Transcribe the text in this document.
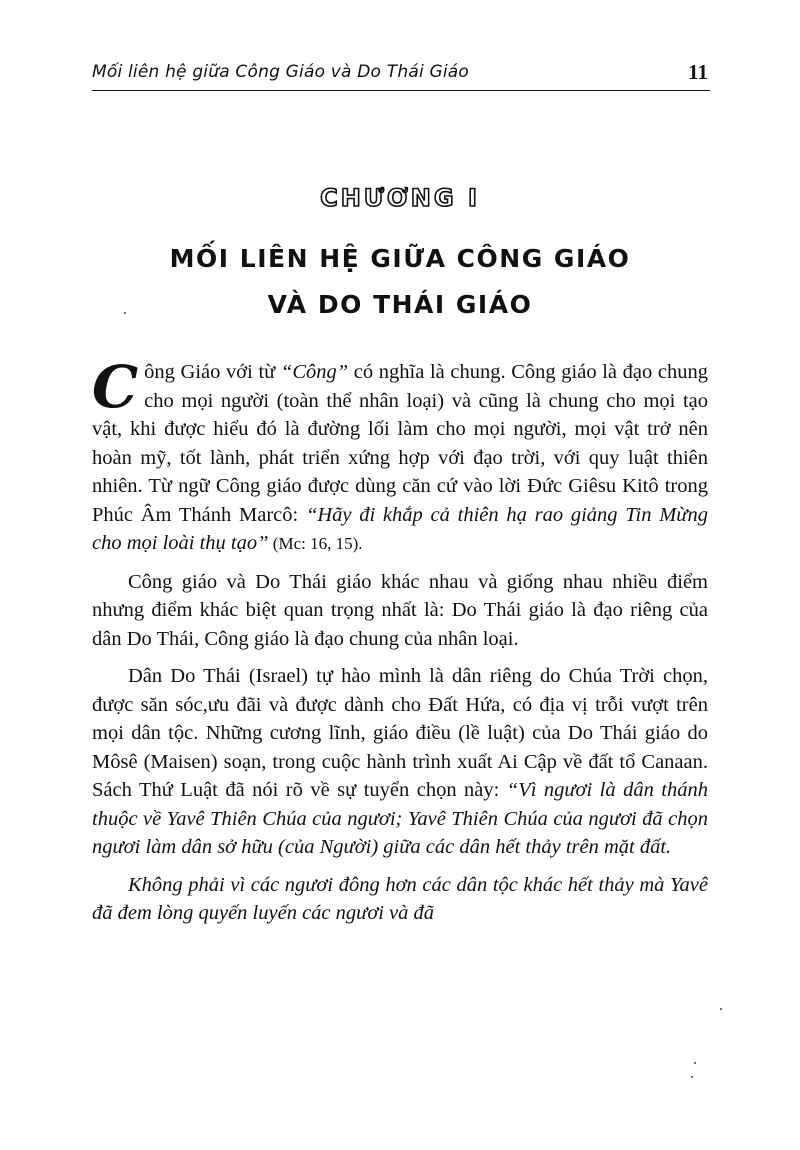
Mối liên hệ giữa Công Giáo và Do Thái Giáo	11
CHƯƠNG I
MỐI LIÊN HỆ GIỮA CÔNG GIÁO
VÀ DO THÁI GIÁO

Công Giáo với từ “Công” có nghĩa là chung. Công giáo là đạo chung cho mọi người (toàn thể nhân loại) và cũng là chung cho mọi tạo vật, khi được hiểu đó là đường lối làm cho mọi người, mọi vật trở nên hoàn mỹ, tốt lành, phát triển xứng hợp với đạo trời, với quy luật thiên nhiên. Từ ngữ Công giáo được dùng căn cứ vào lời Đức Giêsu Kitô trong Phúc Âm Thánh Marcô: “Hãy đi khắp cả thiên hạ rao giảng Tin Mừng cho mọi loài thụ tạo” (Mc: 16, 15).

Công giáo và Do Thái giáo khác nhau và giống nhau nhiều điểm nhưng điểm khác biệt quan trọng nhất là: Do Thái giáo là đạo riêng của dân Do Thái, Công giáo là đạo chung của nhân loại.

Dân Do Thái (Israel) tự hào mình là dân riêng do Chúa Trời chọn, được săn sóc,ưu đãi và được dành cho Đất Hứa, có địa vị trỗi vượt trên mọi dân tộc. Những cương lĩnh, giáo điều (lề luật) của Do Thái giáo do Môsê (Maisen) soạn, trong cuộc hành trình xuất Ai Cập về đất tổ Canaan. Sách Thứ Luật đã nói rõ về sự tuyển chọn này: “Vì ngươi là dân thánh thuộc về Yavê Thiên Chúa của ngươi; Yavê Thiên Chúa của ngươi đã chọn ngươi làm dân sở hữu (của Người) giữa các dân hết thảy trên mặt đất.

Không phải vì các ngươi đông hơn các dân tộc khác hết thảy mà Yavê đã đem lòng quyến luyến các ngươi và đã
